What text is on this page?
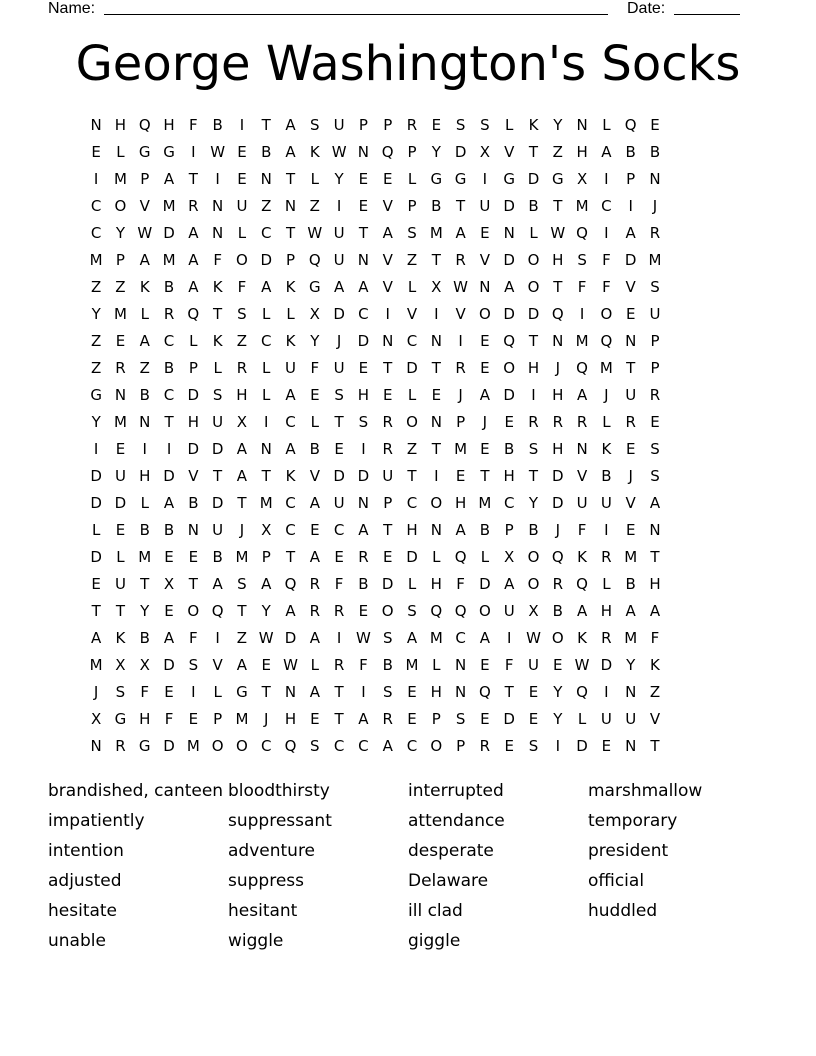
Name:	Date:
George Washington's Socks
N H Q H F B	I	T A S U P	P R E S S	L	K Y N L Q E
E	L G G	I W E B A K W N Q P	Y D X V T Z H A B B
I	M P A T	I	E N T	L	Y E E	L G G	I	G D G X	I	P N
C O V M R N U Z N Z	I	E V P B T U D B T M C	I	J
C Y W D A N L C T W U T A S M A E N L W Q	I	A R
M P A M A F O D P Q U N V Z T R V D O H S	F D M
Z Z K B A K	F A K G A A V L X W N A O T	F	F V S
Y M L R Q T S	L	L X D C	I	V	I	V O D D Q	I	O E U
Z E A C L	K Z C K Y	J	D N C N	I	E Q T N M Q N P
Z R Z B P	L R L U F U E T D T R E O H	J	Q M T	P
G N B C D S H L A E S H E	L	E	J	A D	I	H A	J	U R
Y M N T H U X	I	C L	T S R O N P	J	E R R R L R E
I	E	I	I	D D A N A B E	I	R Z T M E B S H N K E S
D U H D V T A T K V D D U T	I	E T H T D V B	J	S
D D L A B D T M C A U N P C O H M C Y D U U V A
L	E B B N U	J	X C E C A T H N A B P B	J	F	I	E N
D L M E E B M P	T A E R E D L Q L X O Q K R M T
E U T X T A S A Q R F B D L H F D A O R Q L B H
T	T	Y E O Q T	Y A R R E O S Q Q O U X B A H A A
A K B A F	I	Z W D A	I W S A M C A	I W O K R M F
M X X D S V A E W L R F B M L N E	F U E W D Y K
J	S	F	E	I	L G T N A T	I	S E H N Q T E Y Q	I	N Z
X G H F	E	P M	J	H E T A R E	P	S E D E Y	L U U V
N R G D M O O C Q S C C A C O P R E S	I	D E N T
brandished, canteen
impatiently
intention
adjusted
hesitate
unable
bloodthirsty
suppressant
adventure
suppress
hesitant
wiggle
interrupted
attendance
desperate
Delaware
ill clad
giggle
marshmallow
temporary
president
official
huddled
